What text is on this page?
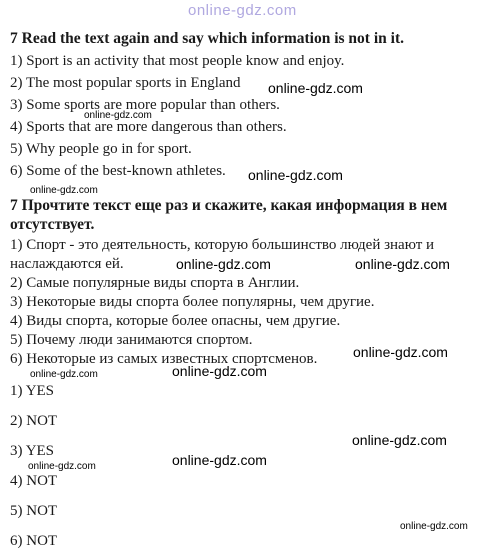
online-gdz.com
7 Read the text again and say which information is not in it.
1) Sport is an activity that most people know and enjoy.
2) The most popular sports in England
3) Some sports are more popular than others.
4) Sports that are more dangerous than others.
5) Why people go in for sport.
6) Some of the best-known athletes.
7 Прочтите текст еще раз и скажите, какая информация в нем
отсутствует.
1) Спорт - это деятельность, которую большинство людей знают и
наслаждаются ей.
2) Самые популярные виды спорта в Англии.
3) Некоторые виды спорта более популярны, чем другие.
4) Виды спорта, которые более опасны, чем другие.
5) Почему люди занимаются спортом.
6) Некоторые из самых известных спортсменов.
1) YES
2) NOT
3) YES
4) NOT
5) NOT
6) NOT
online-gdz.com
online-gdz.com
online-gdz.com
online-gdz.com
online-gdz.com	online-gdz.com
online-gdz.com
online-gdz.com
online-gdz.com
online-gdz.com
online-gdz.com
online-gdz.com
online-gdz.com
